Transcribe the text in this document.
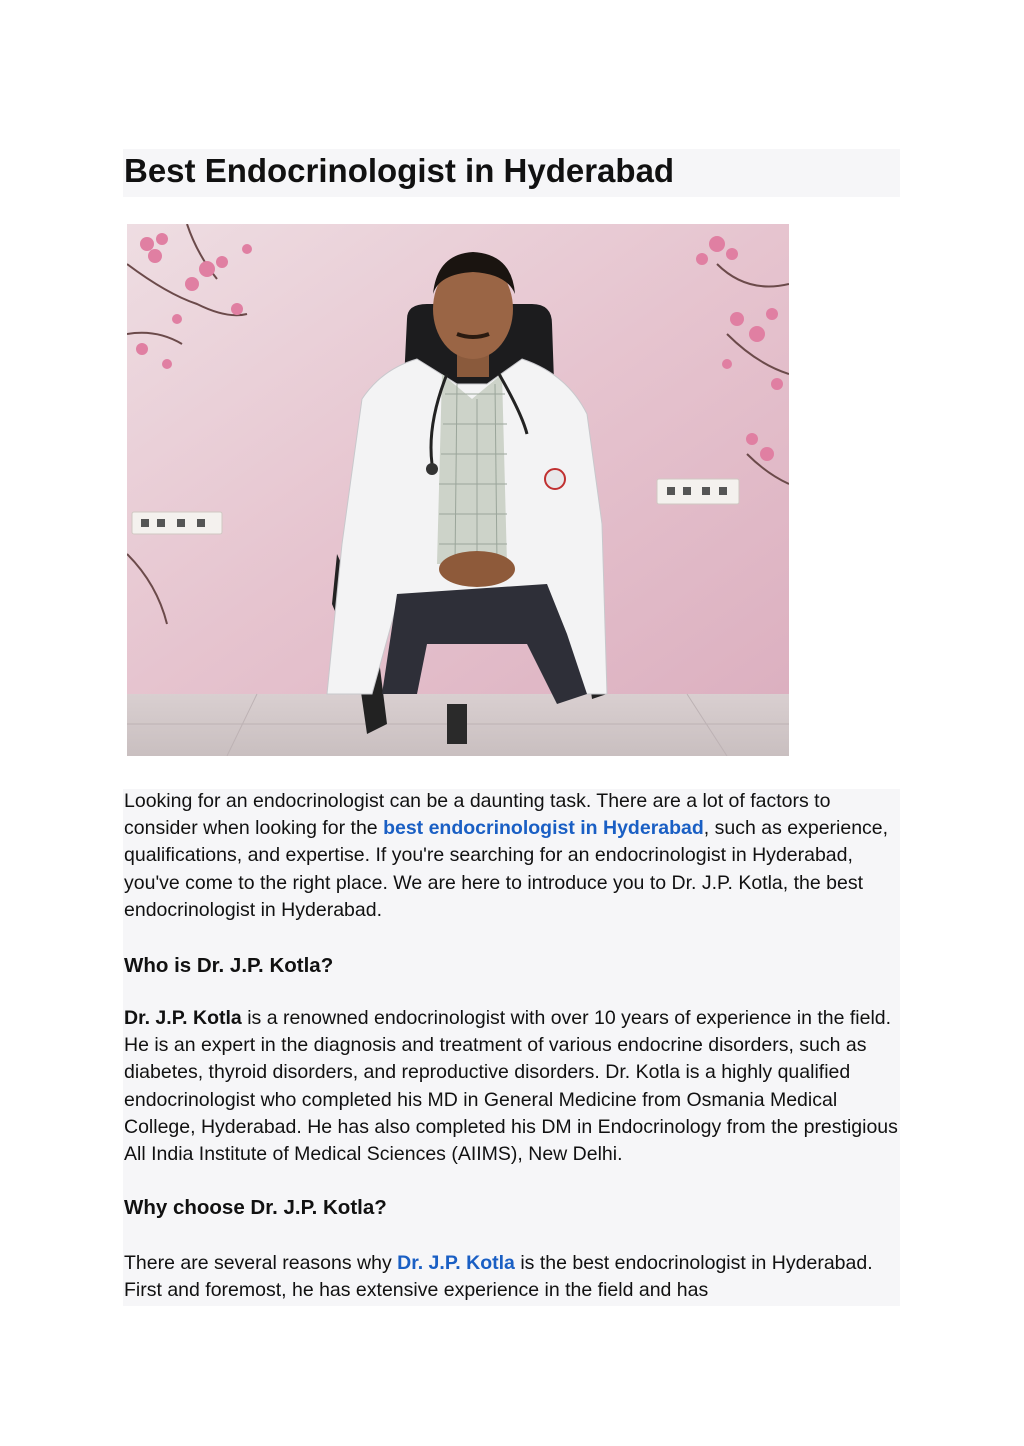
Best Endocrinologist in Hyderabad

Looking for an endocrinologist can be a daunting task. There are a lot of factors to consider when looking for the best endocrinologist in Hyderabad, such as experience, qualifications, and expertise. If you're searching for an endocrinologist in Hyderabad, you've come to the right place. We are here to introduce you to Dr. J.P. Kotla, the best endocrinologist in Hyderabad.

Who is Dr. J.P. Kotla?

Dr. J.P. Kotla is a renowned endocrinologist with over 10 years of experience in the field. He is an expert in the diagnosis and treatment of various endocrine disorders, such as diabetes, thyroid disorders, and reproductive disorders. Dr. Kotla is a highly qualified endocrinologist who completed his MD in General Medicine from Osmania Medical College, Hyderabad. He has also completed his DM in Endocrinology from the prestigious All India Institute of Medical Sciences (AIIMS), New Delhi.

Why choose Dr. J.P. Kotla?

There are several reasons why Dr. J.P. Kotla is the best endocrinologist in Hyderabad. First and foremost, he has extensive experience in the field and has
